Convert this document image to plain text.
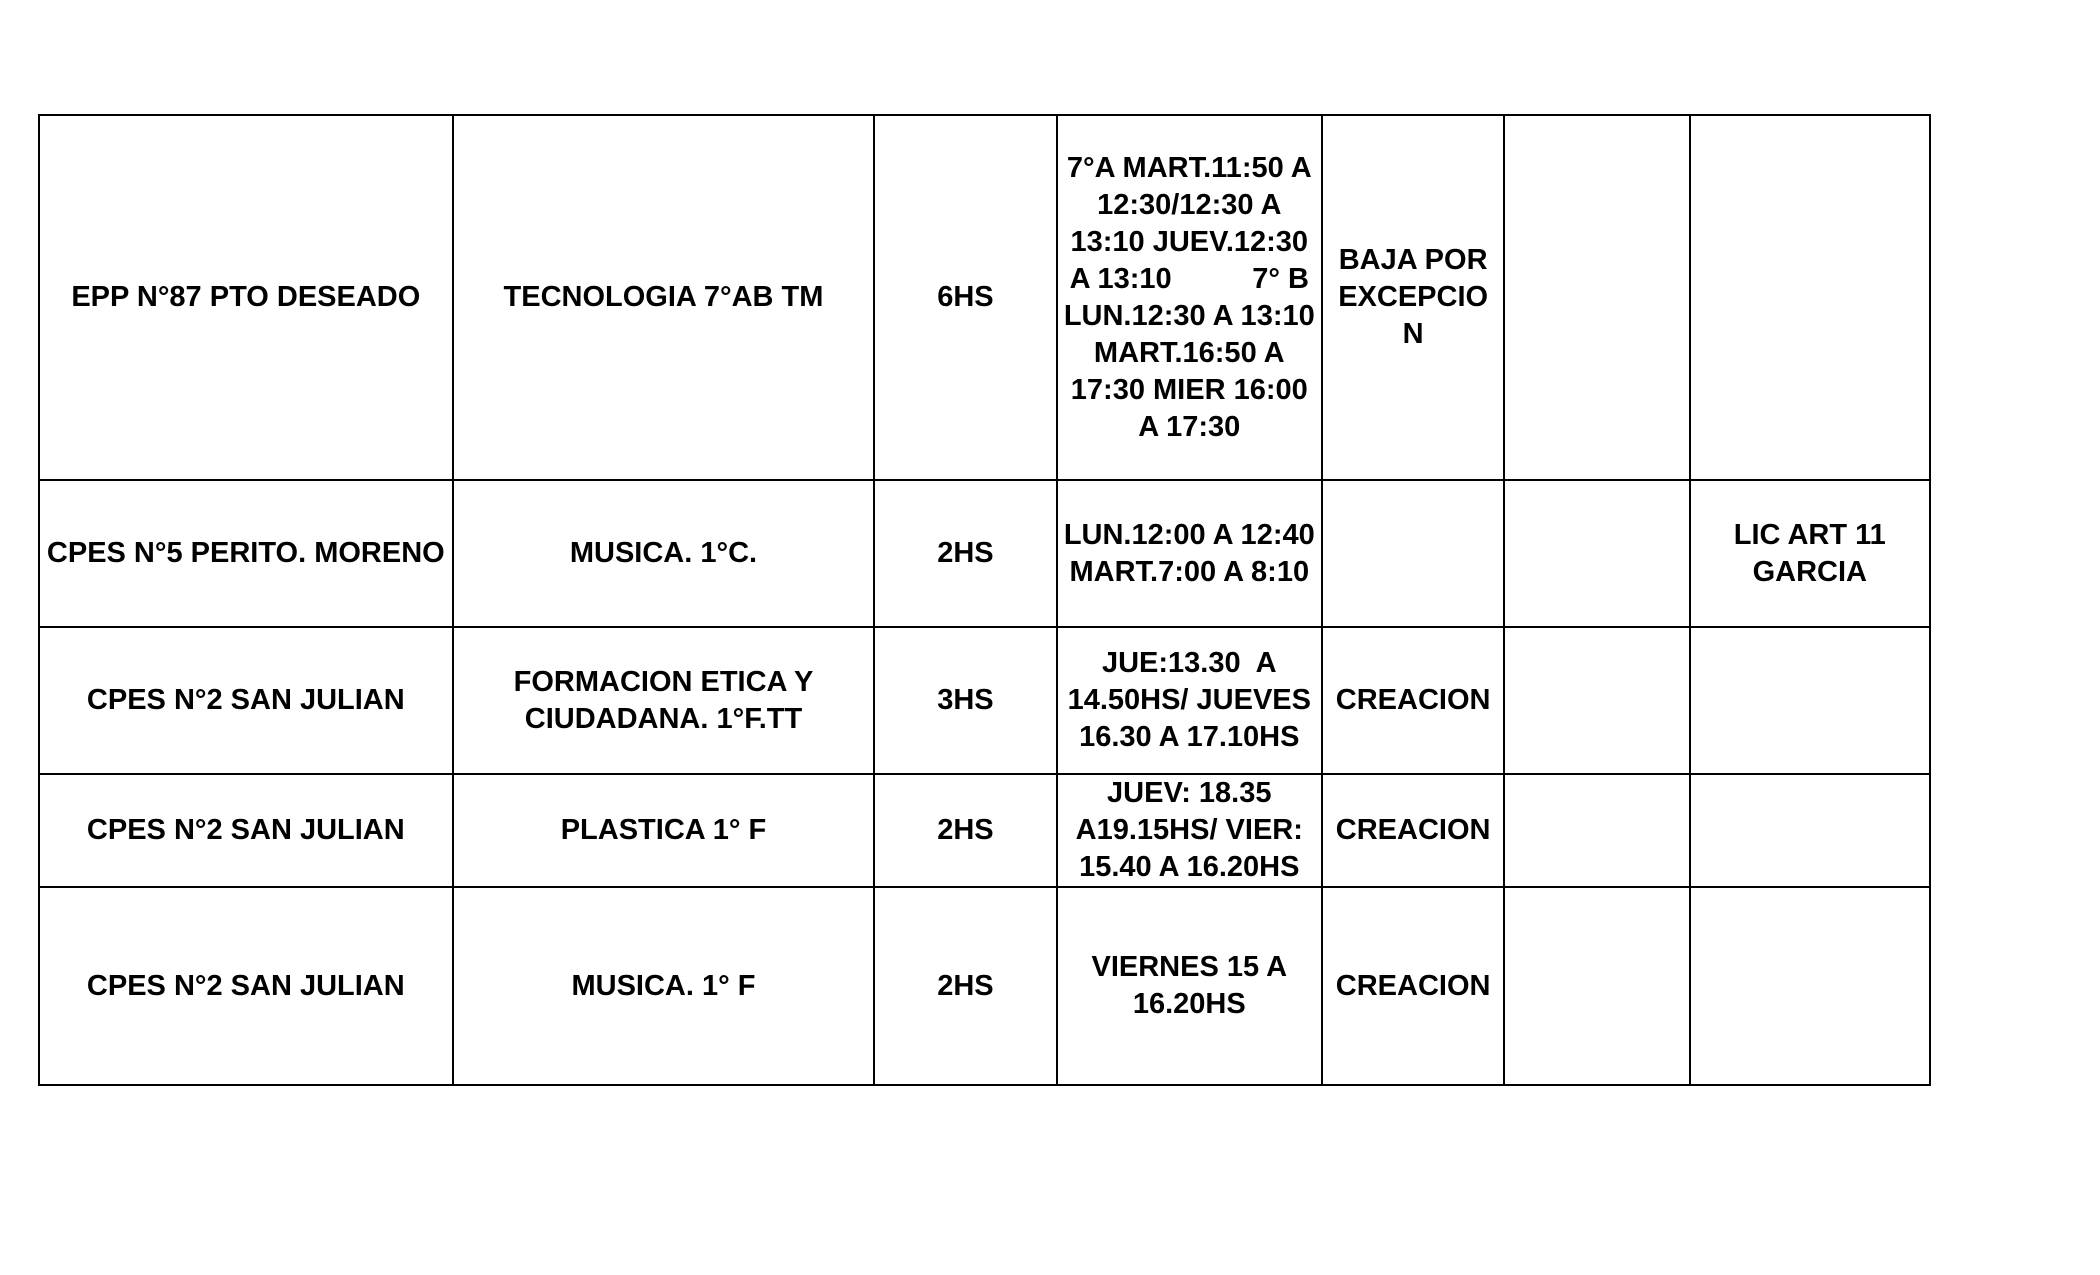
EPP N°87 PTO DESEADO	TECNOLOGIA 7°AB TM	6HS	7°A MART.11:50 A 12:30/12:30 A 13:10 JUEV.12:30 A 13:10          7° B LUN.12:30 A 13:10 MART.16:50 A 17:30 MIER 16:00 A 17:30	BAJA POR EXCEPCIO N		
CPES N°5 PERITO. MORENO	MUSICA. 1°C.	2HS	LUN.12:00 A 12:40 MART.7:00 A 8:10			LIC ART 11 GARCIA
CPES N°2 SAN JULIAN	FORMACION ETICA Y CIUDADANA. 1°F.TT	3HS	JUE:13.30  A 14.50HS/ JUEVES 16.30 A 17.10HS	CREACION		
CPES N°2 SAN JULIAN	PLASTICA 1° F	2HS	JUEV: 18.35 A19.15HS/ VIER: 15.40 A 16.20HS	CREACION		
CPES N°2 SAN JULIAN	MUSICA. 1° F	2HS	VIERNES 15 A 16.20HS	CREACION		
